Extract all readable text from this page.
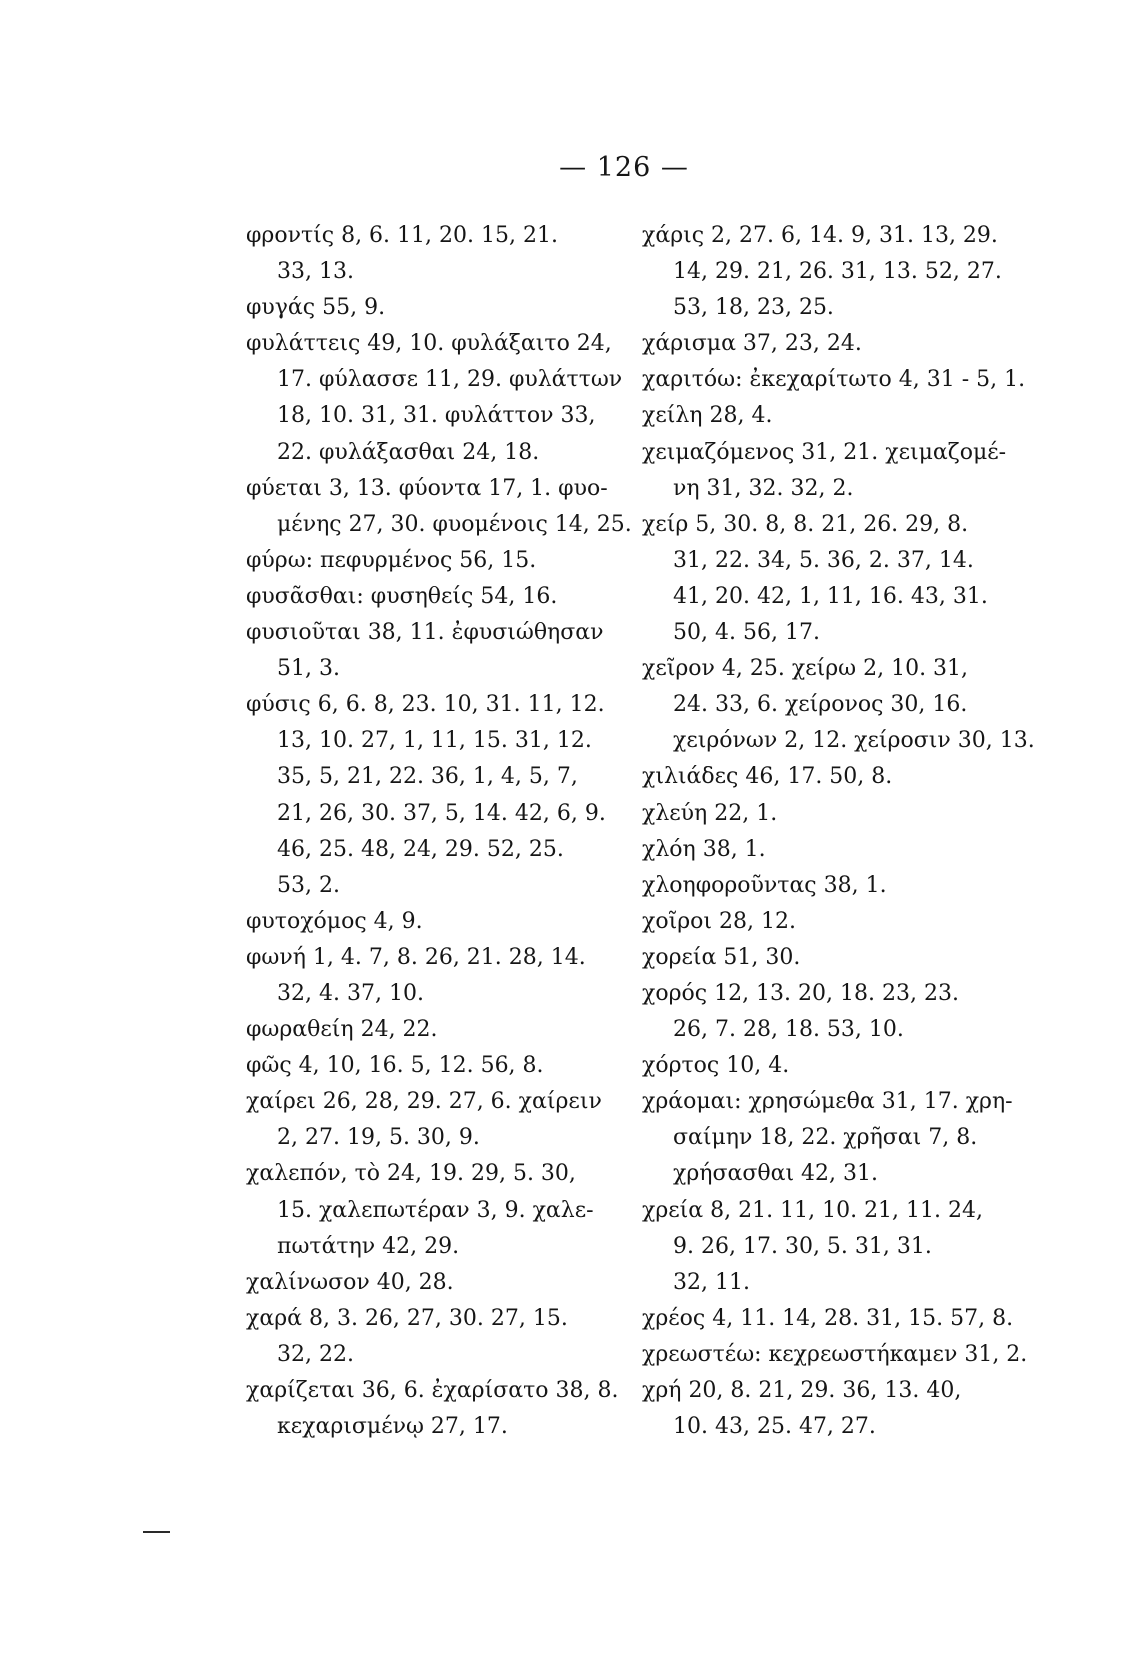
— 126 —
φροντίς 8, 6. 11, 20. 15, 21.
33, 13.
φυγάς 55, 9.
φυλάττεις 49, 10. φυλάξαιτο 24,
17. φύλασσε 11, 29. φυλάττων
18, 10. 31, 31. φυλάττον 33,
22. φυλάξασθαι 24, 18.
φύεται 3, 13. φύοντα 17, 1. φυο-
μένης 27, 30. φυομένοις 14, 25.
φύρω: πεφυρμένος 56, 15.
φυσᾶσθαι: φυσηθείς 54, 16.
φυσιοῦται 38, 11. ἐφυσιώθησαν
51, 3.
φύσις 6, 6. 8, 23. 10, 31. 11, 12.
13, 10. 27, 1, 11, 15. 31, 12.
35, 5, 21, 22. 36, 1, 4, 5, 7,
21, 26, 30. 37, 5, 14. 42, 6, 9.
46, 25. 48, 24, 29. 52, 25.
53, 2.
φυτοχόμος 4, 9.
φωνή 1, 4. 7, 8. 26, 21. 28, 14.
32, 4. 37, 10.
φωραθείη 24, 22.
φῶς 4, 10, 16. 5, 12. 56, 8.
χαίρει 26, 28, 29. 27, 6. χαίρειν
2, 27. 19, 5. 30, 9.
χαλεπόν, τὸ 24, 19. 29, 5. 30,
15. χαλεπωτέραν 3, 9. χαλε-
πωτάτην 42, 29.
χαλίνωσον 40, 28.
χαρά 8, 3. 26, 27, 30. 27, 15.
32, 22.
χαρίζεται 36, 6. ἐχαρίσατο 38, 8.
κεχαρισμένῳ 27, 17.
χάρις 2, 27. 6, 14. 9, 31. 13, 29.
14, 29. 21, 26. 31, 13. 52, 27.
53, 18, 23, 25.
χάρισμα 37, 23, 24.
χαριτόω: ἐκεχαρίτωτο 4, 31 - 5, 1.
χείλη 28, 4.
χειμαζόμενος 31, 21. χειμαζομέ-
νη 31, 32. 32, 2.
χείρ 5, 30. 8, 8. 21, 26. 29, 8.
31, 22. 34, 5. 36, 2. 37, 14.
41, 20. 42, 1, 11, 16. 43, 31.
50, 4. 56, 17.
χεῖρον 4, 25. χείρω 2, 10. 31,
24. 33, 6. χείρονος 30, 16.
χειρόνων 2, 12. χείροσιν 30, 13.
χιλιάδες 46, 17. 50, 8.
χλεύη 22, 1.
χλόη 38, 1.
χλοηφοροῦντας 38, 1.
χοῖροι 28, 12.
χορεία 51, 30.
χορός 12, 13. 20, 18. 23, 23.
26, 7. 28, 18. 53, 10.
χόρτος 10, 4.
χράομαι: χρησώμεθα 31, 17. χρη-
σαίμην 18, 22. χρῆσαι 7, 8.
χρήσασθαι 42, 31.
χρεία 8, 21. 11, 10. 21, 11. 24,
9. 26, 17. 30, 5. 31, 31.
32, 11.
χρέος 4, 11. 14, 28. 31, 15. 57, 8.
χρεωστέω: κεχρεωστήκαμεν 31, 2.
χρή 20, 8. 21, 29. 36, 13. 40,
10. 43, 25. 47, 27.
